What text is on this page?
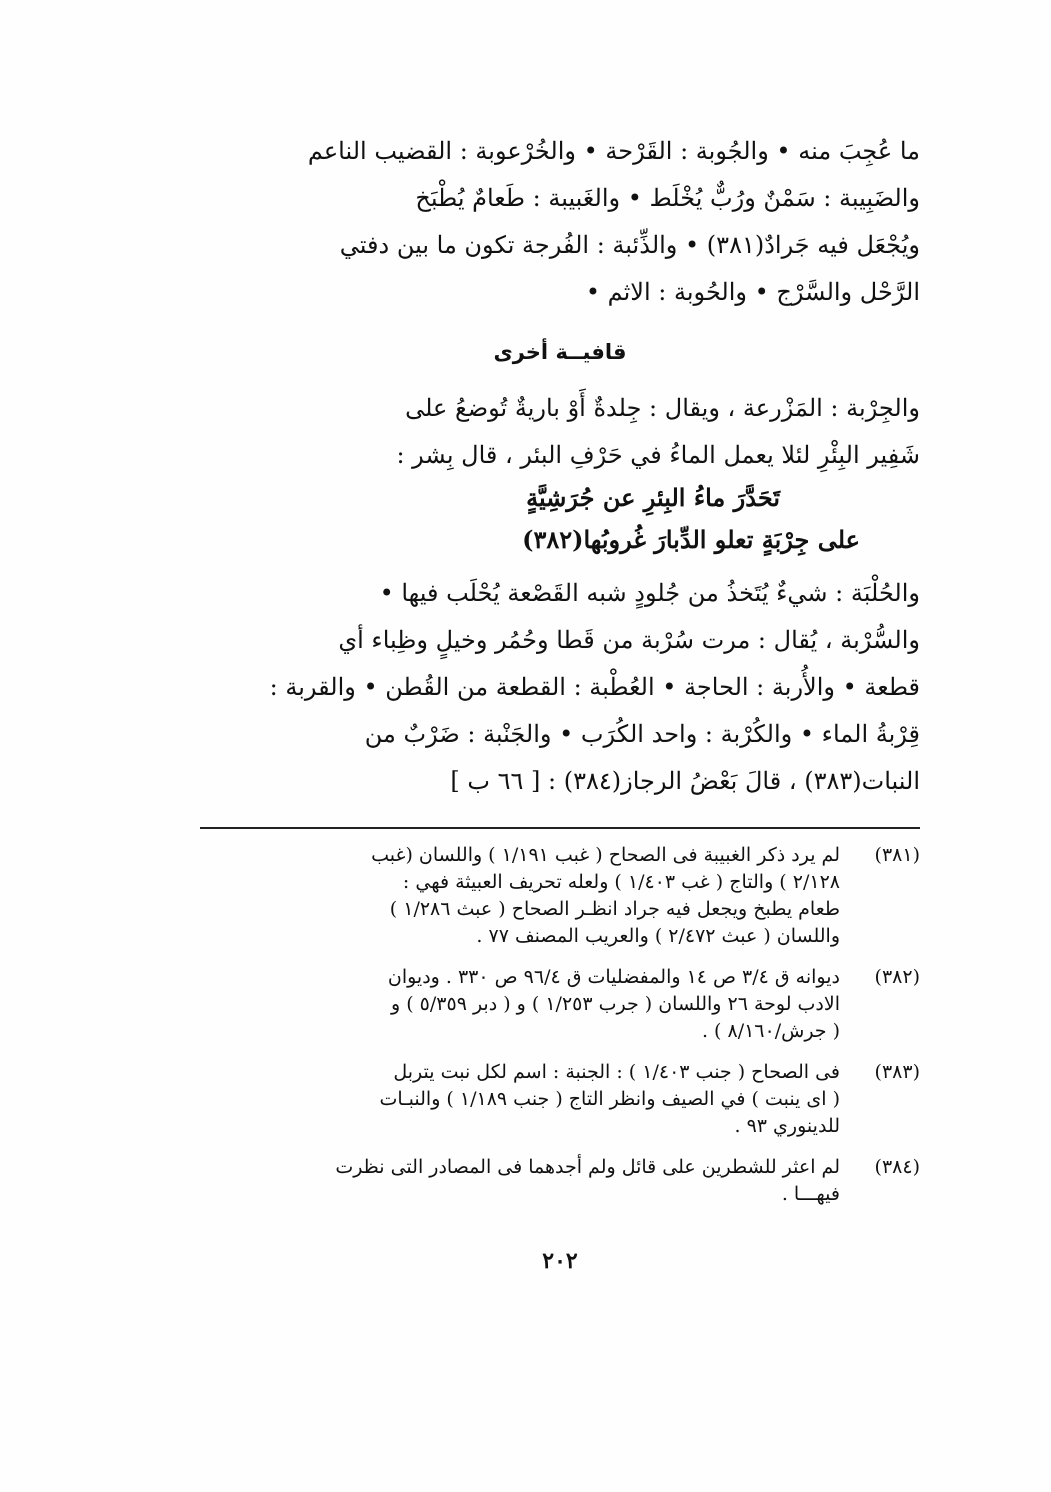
ما عُجِبَ منه • والجُوبة : القَرْحة • والخُرْعوبة : القضيب الناعم
والضَبِيبة : سَمْنٌ ورُبٌّ يُخْلَط • والغَبيبة : طَعامٌ يُطْبَخ
ويُجْعَل فيه جَرادٌ(٣٨١) • والذِّئبة : الفُرجة تكون ما بين دفتي
الرَّحْل والسَّرْج • والحُوبة : الاثم •
قافيــة أخرى
والجِرْبة : المَزْرعة ، ويقال : جِلدةٌ أَوْ باريةٌ تُوضعُ على
شَفِير البِئْرِ لئلا يعمل الماءُ في حَرْفِ البئر ، قال بِشر :
تَحَدَّرَ ماءُ البِئرِ عن جُرَشِيَّةٍ
على جِرْبَةٍ تعلو الدِّبارَ غُروبُها(٣٨٢)
والحُلْبَة : شيءٌ يُتَخذُ من جُلودٍ شبه القَصْعة يُحْلَب فيها •
والسُّرْبة ، يُقال : مرت سُرْبة من قَطا وحُمُر وخيلٍ وظِباء أي
قطعة • والأُربة : الحاجة • العُطْبة : القطعة من القُطن • والقربة :
قِرْبةُ الماء • والكُرْبة : واحد الكُرَب • والجَنْبة : ضَرْبٌ من
النبات(٣٨٣) ، قالَ بَعْضُ الرجاز(٣٨٤) : [ ٦٦ ب ]
(٣٨١)
لم يرد ذكر الغبيبة فى الصحاح ( غبب ١/١٩١ ) واللسان (غبب
٢/١٢٨ ) والتاج ( غب ١/٤٠٣ ) ولعله تحريف العبيثة فهي :
طعام يطبخ ويجعل فيه جراد انظـر الصحاح ( عبث ١/٢٨٦ )
واللسان ( عبث ٢/٤٧٢ ) والعريب المصنف ٧٧ .
(٣٨٢)
ديوانه ق ٣/٤ ص ١٤ والمفضليات ق ٩٦/٤ ص ٣٣٠ . وديوان
الادب لوحة ٢٦ واللسان ( جرب ١/٢٥٣ ) و ( دبر ٥/٣٥٩ ) و
( جرش/٨/١٦٠ ) .
(٣٨٣)
فى الصحاح ( جنب ١/٤٠٣ ) : الجنبة : اسم لكل نبت يتربل
( اى ينبت ) في الصيف وانظر التاج ( جنب ١/١٨٩ ) والنبـات
للدينوري ٩٣ .
(٣٨٤)
لم اعثر للشطرين على قائل ولم أجدهما فى المصادر التى نظرت
فيهـــا .
٢٠٢
